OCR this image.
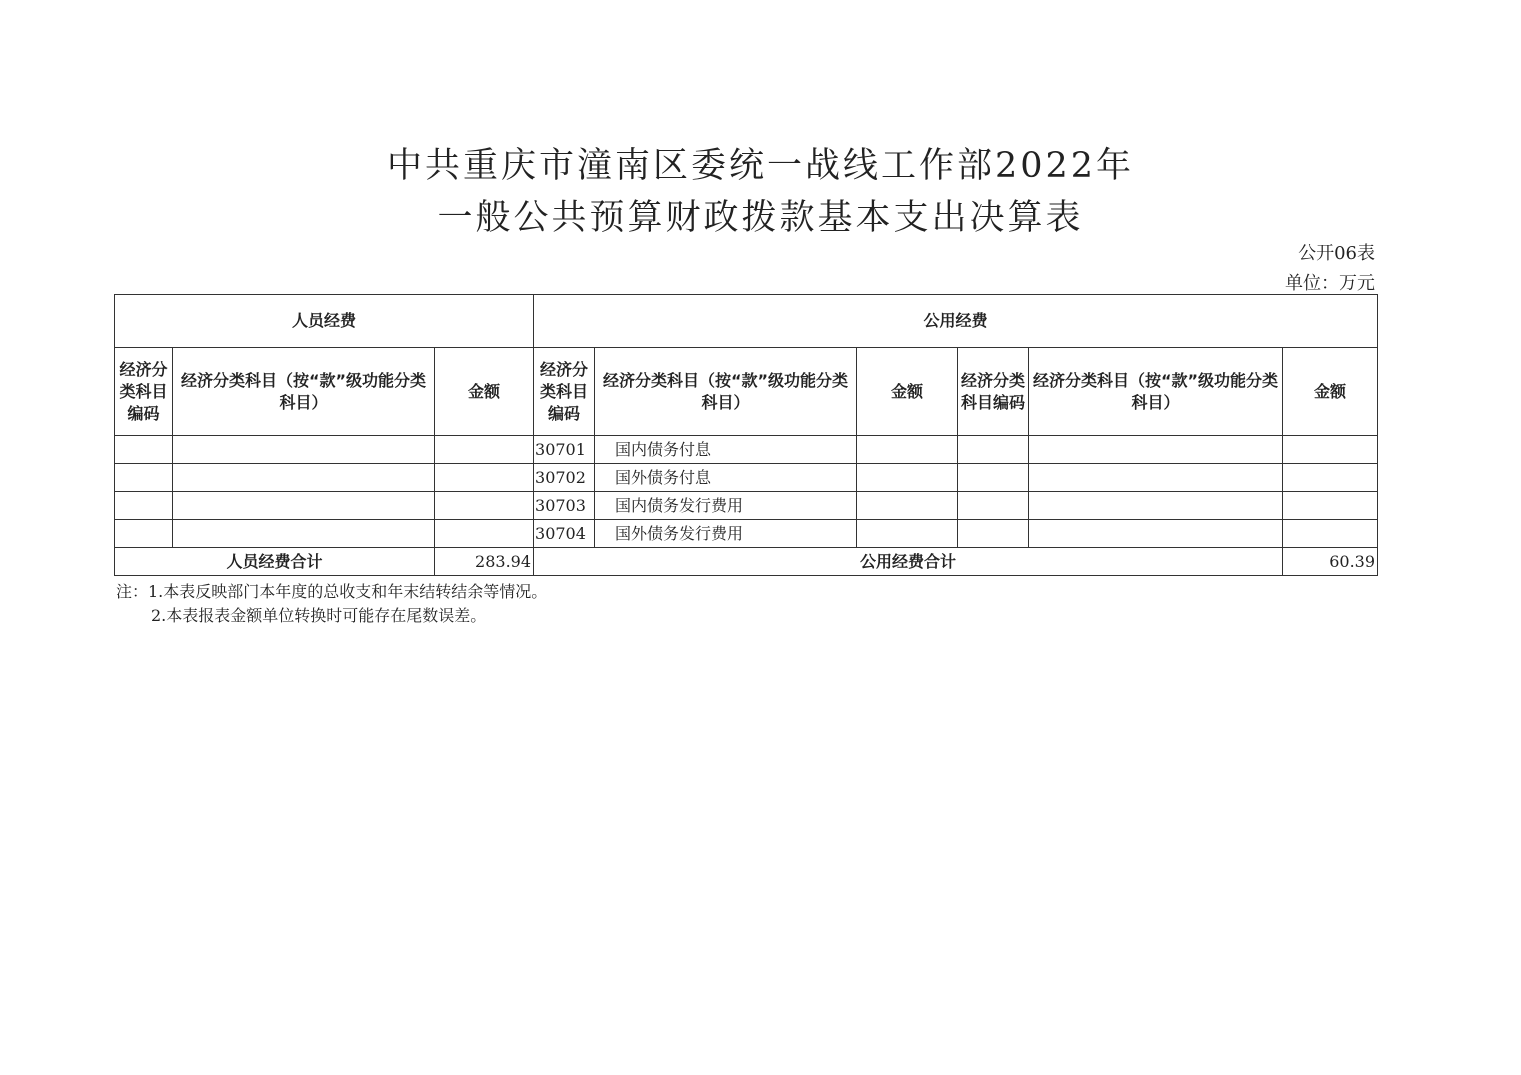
中共重庆市潼南区委统一战线工作部2022年
一般公共预算财政拨款基本支出决算表
公开06表
单位：万元
人员经费			公用经费					
经济分类科目编码	经济分类科目（按“款”级功能分类科目）	金额	经济分类科目编码	经济分类科目（按“款”级功能分类科目）	金额	经济分类科目编码	经济分类科目（按“款”级功能分类科目）	金额
			30701	国内债务付息				
			30702	国外债务付息				
			30703	国内债务发行费用				
			30704	国外债务发行费用				
人员经费合计		283.94	公用经费合计					60.39
注：1.本表反映部门本年度的总收支和年末结转结余等情况。
2.本表报表金额单位转换时可能存在尾数误差。
